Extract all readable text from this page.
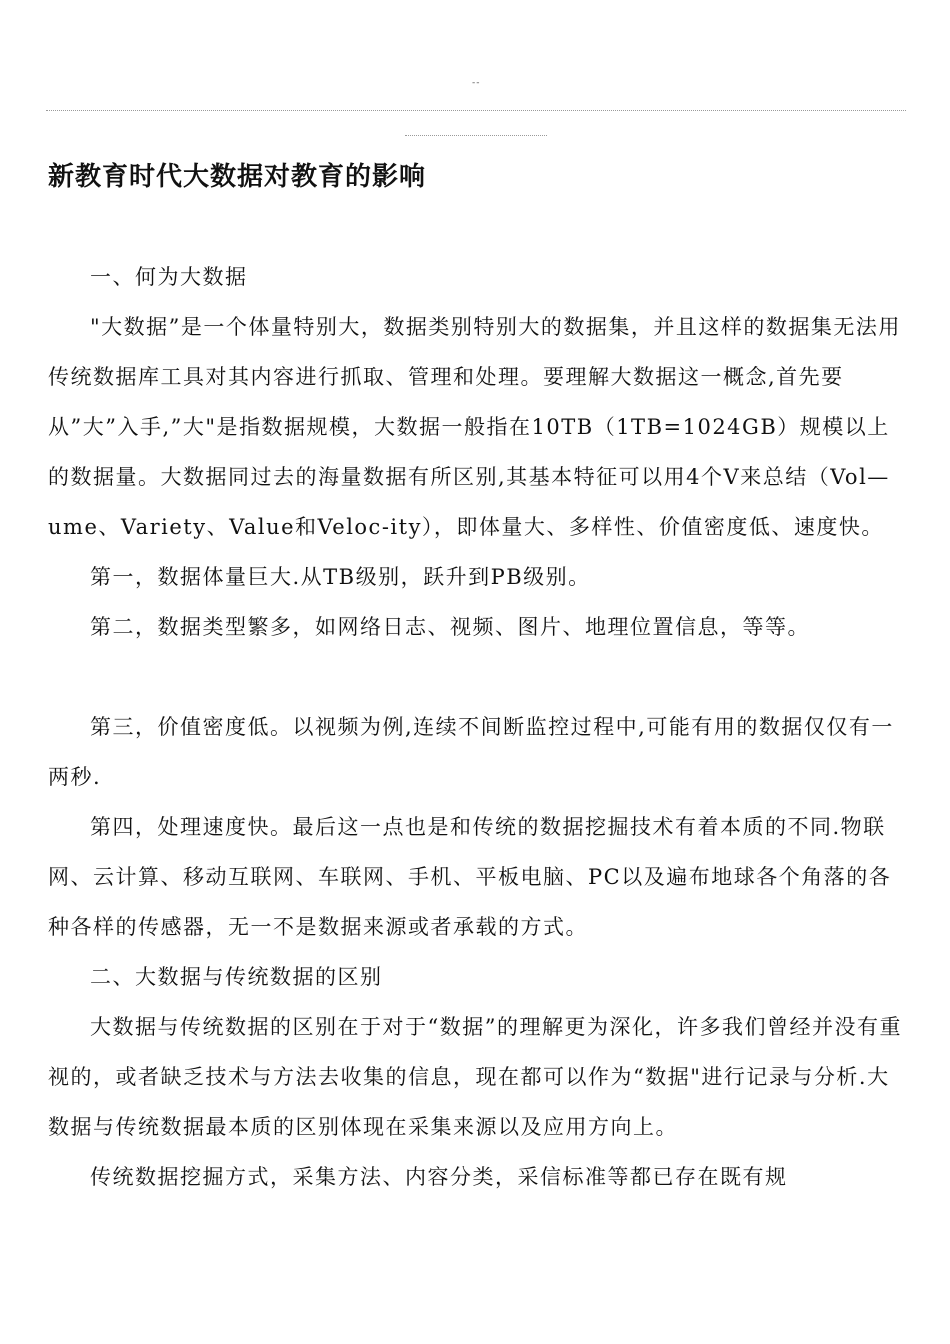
--
新教育时代大数据对教育的影响

一、何为大数据

"大数据”是一个体量特别大，数据类别特别大的数据集，并且这样的数据集无法用传统数据库工具对其内容进行抓取、管理和处理。要理解大数据这一概念,首先要从”大”入手,”大"是指数据规模，大数据一般指在10TB（1TB=1024GB）规模以上的数据量。大数据同过去的海量数据有所区别,其基本特征可以用4个V来总结（Vol—ume、Variety、Value和Veloc-ity），即体量大、多样性、价值密度低、速度快。

第一，数据体量巨大.从TB级别，跃升到PB级别。

第二，数据类型繁多，如网络日志、视频、图片、地理位置信息，等等。

第三，价值密度低。以视频为例,连续不间断监控过程中,可能有用的数据仅仅有一两秒.

第四，处理速度快。最后这一点也是和传统的数据挖掘技术有着本质的不同.物联网、云计算、移动互联网、车联网、手机、平板电脑、PC以及遍布地球各个角落的各种各样的传感器，无一不是数据来源或者承载的方式。

二、大数据与传统数据的区别

大数据与传统数据的区别在于对于“数据”的理解更为深化，许多我们曾经并没有重视的，或者缺乏技术与方法去收集的信息，现在都可以作为“数据"进行记录与分析.大数据与传统数据最本质的区别体现在采集来源以及应用方向上。

传统数据挖掘方式，采集方法、内容分类，采信标准等都已存在既有规
